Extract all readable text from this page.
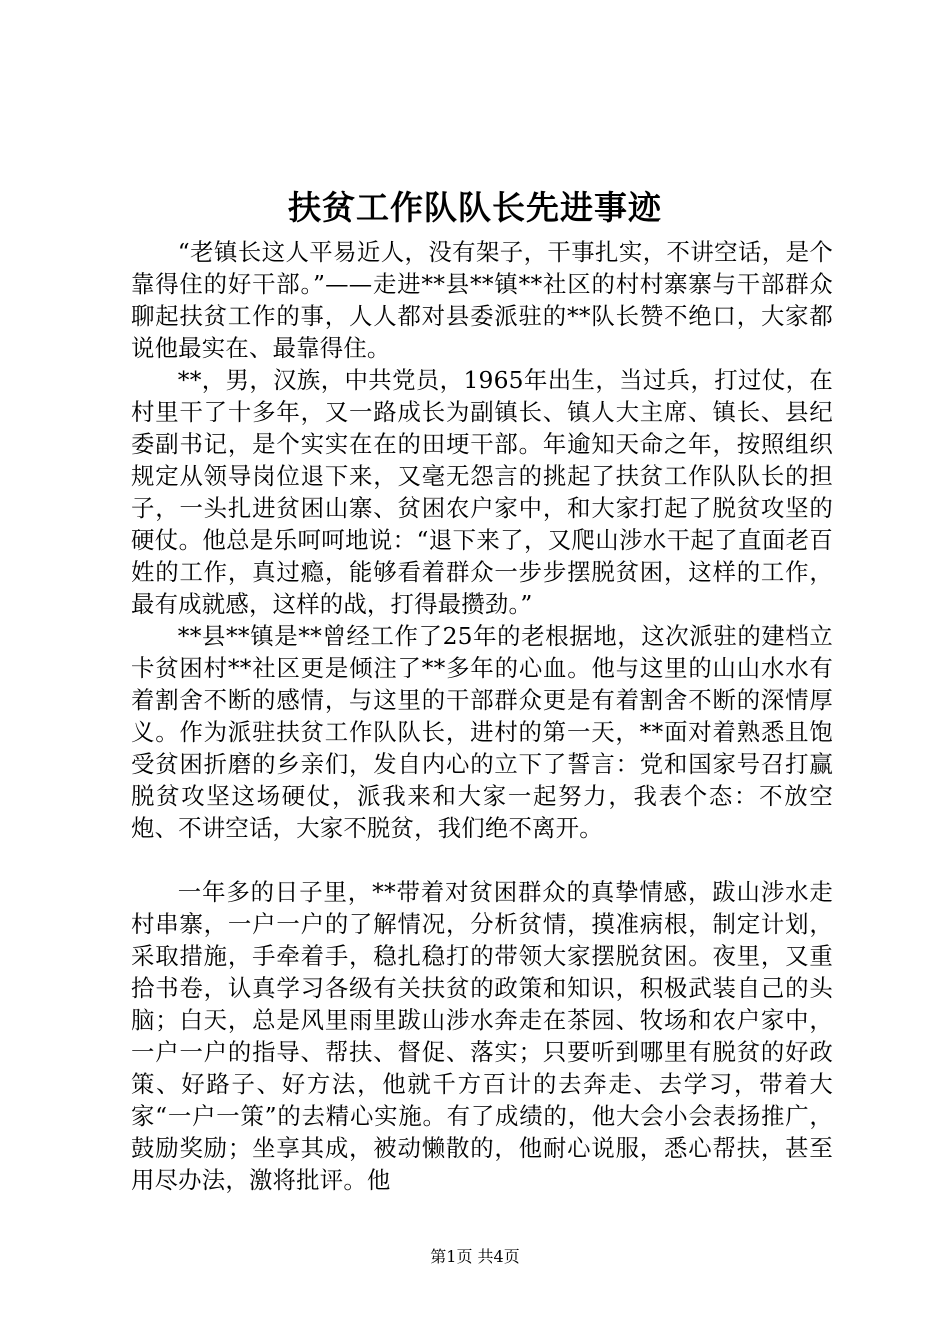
扶贫工作队队长先进事迹

“老镇长这人平易近人，没有架子，干事扎实，不讲空话，是个靠得住的好干部。”——走进**县**镇**社区的村村寨寨与干部群众聊起扶贫工作的事，人人都对县委派驻的**队长赞不绝口，大家都说他最实在、最靠得住。

**，男，汉族，中共党员，1965年出生，当过兵，打过仗，在村里干了十多年，又一路成长为副镇长、镇人大主席、镇长、县纪委副书记，是个实实在在的田埂干部。年逾知天命之年，按照组织规定从领导岗位退下来，又毫无怨言的挑起了扶贫工作队队长的担子，一头扎进贫困山寨、贫困农户家中，和大家打起了脱贫攻坚的硬仗。他总是乐呵呵地说：“退下来了，又爬山涉水干起了直面老百姓的工作，真过瘾，能够看着群众一步步摆脱贫困，这样的工作，最有成就感，这样的战，打得最攒劲。”

**县**镇是**曾经工作了25年的老根据地，这次派驻的建档立卡贫困村**社区更是倾注了**多年的心血。他与这里的山山水水有着割舍不断的感情，与这里的干部群众更是有着割舍不断的深情厚义。作为派驻扶贫工作队队长，进村的第一天，**面对着熟悉且饱受贫困折磨的乡亲们，发自内心的立下了誓言：党和国家号召打赢脱贫攻坚这场硬仗，派我来和大家一起努力，我表个态：不放空炮、不讲空话，大家不脱贫，我们绝不离开。

一年多的日子里，**带着对贫困群众的真挚情感，跋山涉水走村串寨，一户一户的了解情况，分析贫情，摸准病根，制定计划，采取措施，手牵着手，稳扎稳打的带领大家摆脱贫困。夜里，又重拾书卷，认真学习各级有关扶贫的政策和知识，积极武装自己的头脑；白天，总是风里雨里跋山涉水奔走在茶园、牧场和农户家中，一户一户的指导、帮扶、督促、落实；只要听到哪里有脱贫的好政策、好路子、好方法，他就千方百计的去奔走、去学习，带着大家“一户一策”的去精心实施。有了成绩的，他大会小会表扬推广，鼓励奖励；坐享其成，被动懒散的，他耐心说服，悉心帮扶，甚至用尽办法，激将批评。他

第1页 共4页
